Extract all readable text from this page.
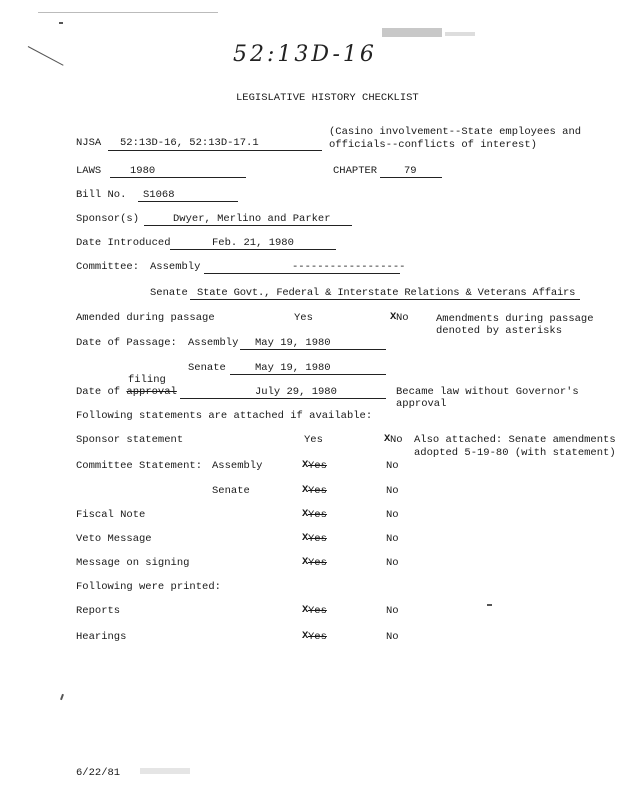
52:13D-16
LEGISLATIVE HISTORY CHECKLIST
NJSA 52:13D-16, 52:13D-17.1
(Casino involvement--State employees and
officials--conflicts of interest)
LAWS	1980	CHAPTER	79
Bill No. S1068
Sponsor(s)	Dwyer, Merlino and Parker
Date Introduced	Feb. 21, 1980
Committee: Assembly	------------------
Senate State Govt., Federal & Interstate Relations & Veterans Affairs
Amended during passage	Yes	X No	Amendments during passage
denoted by asterisks
Date of Passage: Assembly May 19, 1980
Senate	May 19, 1980
filing
Date of approval	July 29, 1980	Became law without Governor's
approval
Following statements are attached if available:
Sponsor statement	Yes	X No Also attached: Senate amendments
adopted 5-19-80 (with statement)
Committee Statement: Assembly	X Yes	No
Senate	X Yes	No
Fiscal Note	X Yes	No
Veto Message	X Yes	No
Message on signing	X Yes	No
Following were printed:
Reports	X Yes	No
Hearings	X Yes	No
6/22/81
